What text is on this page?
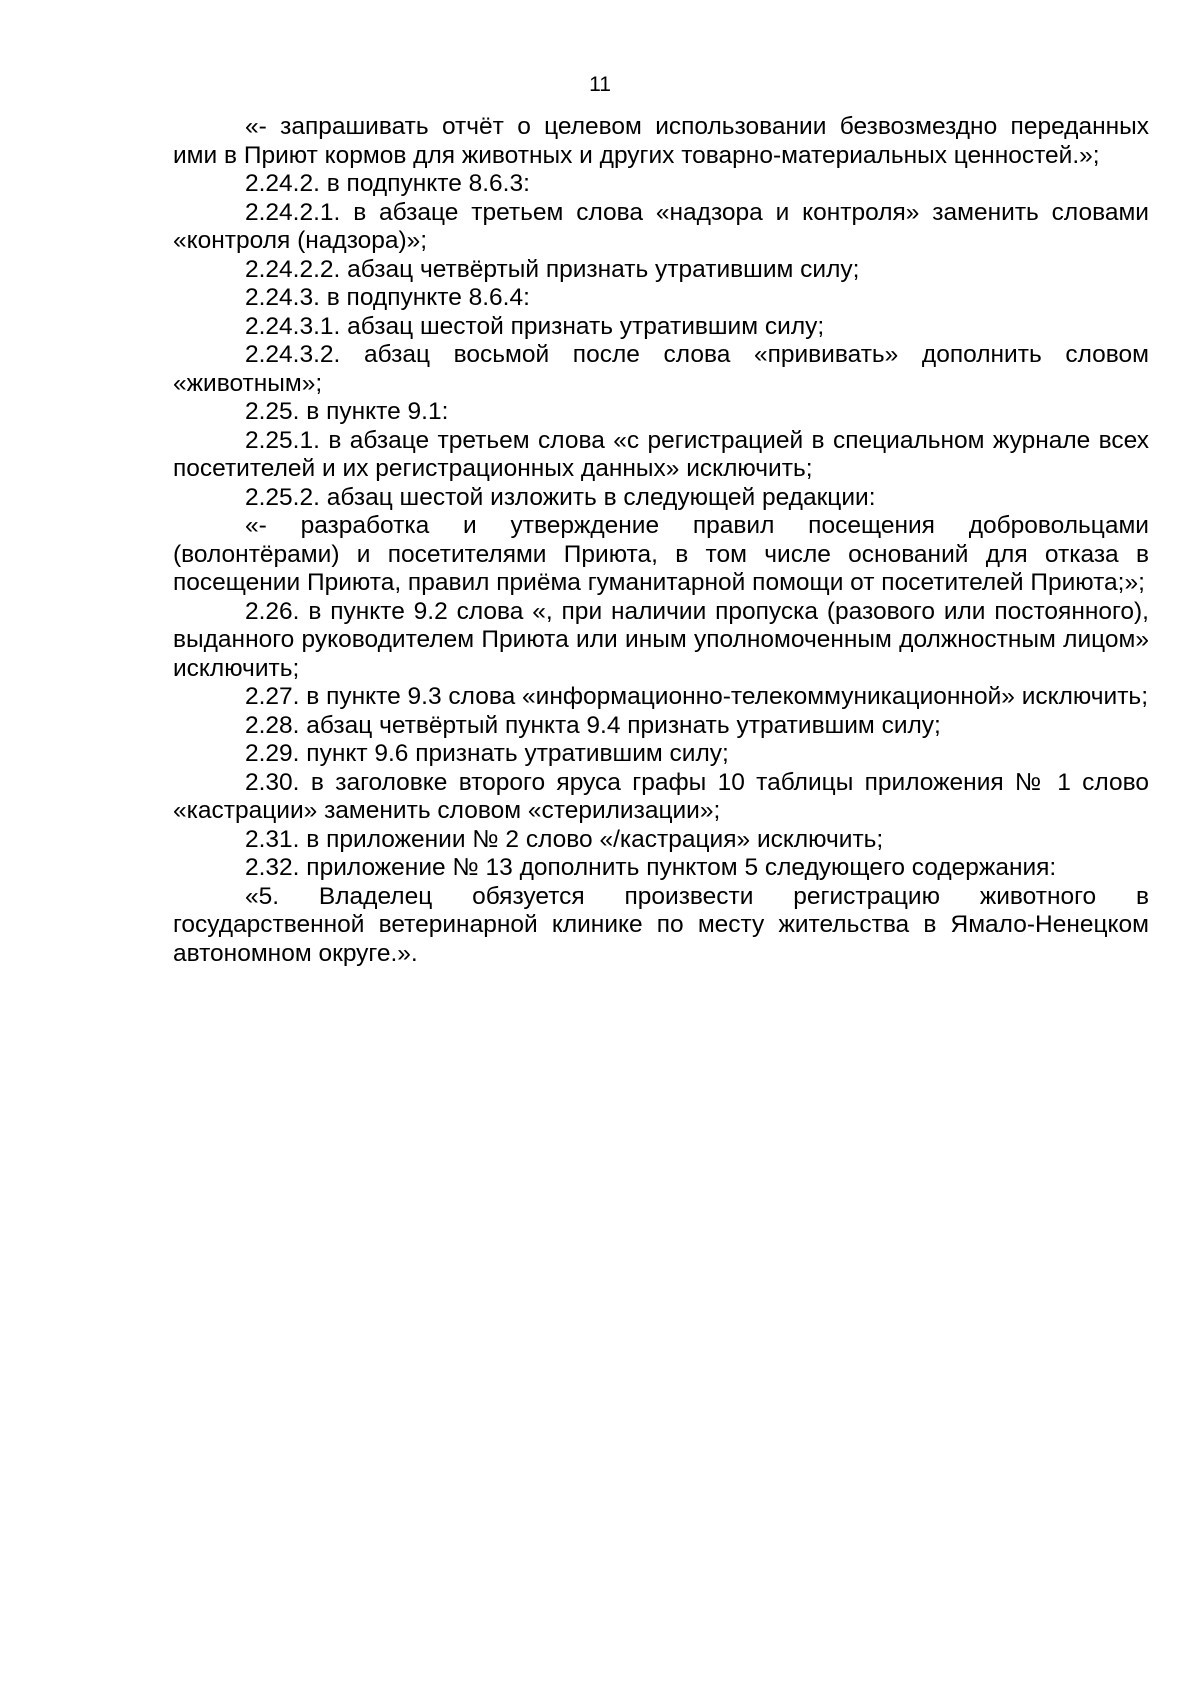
11

«- запрашивать отчёт о целевом использовании безвозмездно переданных ими в Приют кормов для животных и других товарно-материальных ценностей.»;

2.24.2. в подпункте 8.6.3:

2.24.2.1. в абзаце третьем слова «надзора и контроля» заменить словами «контроля (надзора)»;

2.24.2.2. абзац четвёртый признать утратившим силу;

2.24.3. в подпункте 8.6.4:

2.24.3.1. абзац шестой признать утратившим силу;

2.24.3.2. абзац восьмой после слова «прививать» дополнить словом «животным»;

2.25. в пункте 9.1:

2.25.1. в абзаце третьем слова «с регистрацией в специальном журнале всех посетителей и их регистрационных данных» исключить;

2.25.2. абзац шестой изложить в следующей редакции:

«- разработка и утверждение правил посещения добровольцами (волонтёрами) и посетителями Приюта, в том числе оснований для отказа в посещении Приюта, правил приёма гуманитарной помощи от посетителей Приюта;»;

2.26. в пункте 9.2 слова «, при наличии пропуска (разового или постоянного), выданного руководителем Приюта или иным уполномоченным должностным лицом» исключить;

2.27. в пункте 9.3 слова «информационно-телекоммуникационной» исключить;

2.28. абзац четвёртый пункта 9.4 признать утратившим силу;

2.29. пункт 9.6 признать утратившим силу;

2.30. в заголовке второго яруса графы 10 таблицы приложения № 1 слово «кастрации» заменить словом «стерилизации»;

2.31. в приложении № 2 слово «/кастрация» исключить;

2.32. приложение № 13 дополнить пунктом 5 следующего содержания:

«5. Владелец обязуется произвести регистрацию животного в государственной ветеринарной клинике по месту жительства в Ямало-Ненецком автономном округе.».
